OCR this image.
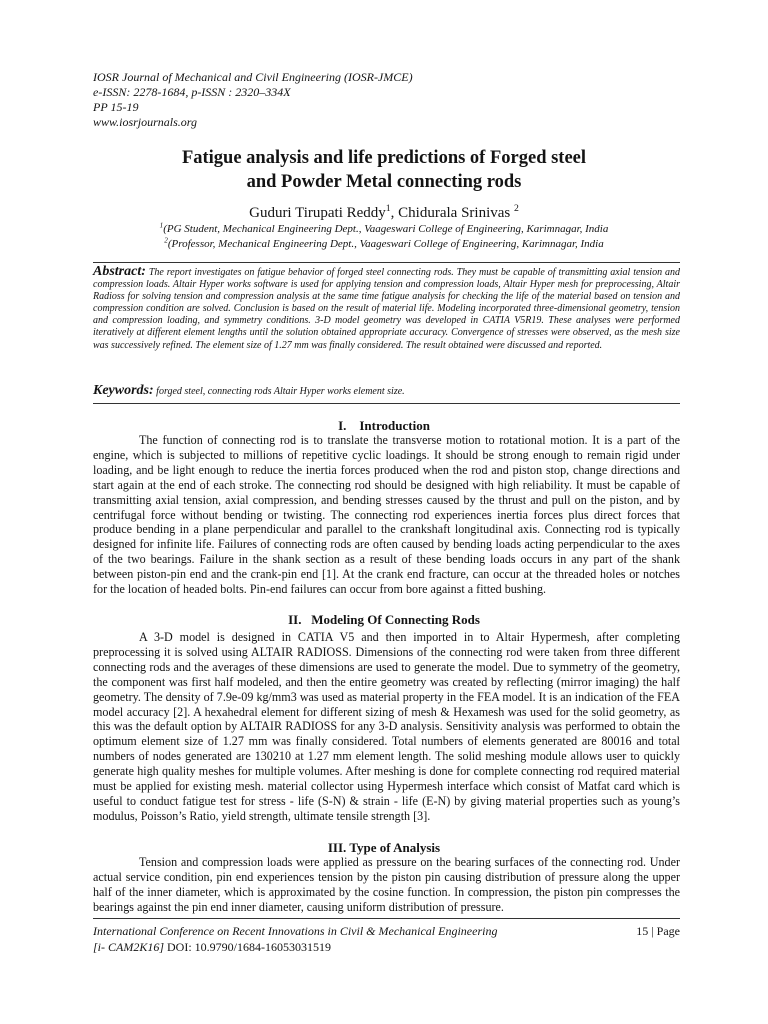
IOSR Journal of Mechanical and Civil Engineering (IOSR-JMCE)
e-ISSN: 2278-1684, p-ISSN : 2320–334X
PP 15-19
www.iosrjournals.org
Fatigue analysis and life predictions of Forged steel
and Powder Metal connecting rods
Guduri Tirupati Reddy$^1$, Chidurala Srinivas $^2$
$^1$(PG Student, Mechanical Engineering Dept., Vaageswari College of Engineering, Karimnagar, India
$^2$(Professor, Mechanical Engineering Dept., Vaageswari College of Engineering, Karimnagar, India
Abstract: The report investigates on fatigue behavior of forged steel connecting rods. They must be capable of transmitting axial tension and compression loads. Altair Hyper works software is used for applying tension and compression loads, Altair Hyper mesh for preprocessing, Altair Radioss for solving tension and compression analysis at the same time fatigue analysis for checking the life of the material based on tension and compression condition are solved. Conclusion is based on the result of material life. Modeling incorporated three-dimensional geometry, tension and compression loading, and symmetry conditions. 3-D model geometry was developed in CATIA V5R19. These analyses were performed iteratively at different element lengths until the solution obtained appropriate accuracy. Convergence of stresses were observed, as the mesh size was successively refined. The element size of 1.27 mm was finally considered. The result obtained were discussed and reported.
Keywords: forged steel, connecting rods Altair Hyper works element size.
I.    Introduction
The function of connecting rod is to translate the transverse motion to rotational motion. It is a part of the engine, which is subjected to millions of repetitive cyclic loadings. It should be strong enough to remain rigid under loading, and be light enough to reduce the inertia forces produced when the rod and piston stop, change directions and start again at the end of each stroke. The connecting rod should be designed with high reliability. It must be capable of transmitting axial tension, axial compression, and bending stresses caused by the thrust and pull on the piston, and by centrifugal force without bending or twisting. The connecting rod experiences inertia forces plus direct forces that produce bending in a plane perpendicular and parallel to the crankshaft longitudinal axis. Connecting rod is typically designed for infinite life. Failures of connecting rods are often caused by bending loads acting perpendicular to the axes of the two bearings. Failure in the shank section as a result of these bending loads occurs in any part of the shank between piston-pin end and the crank-pin end [1]. At the crank end fracture, can occur at the threaded holes or notches for the location of headed bolts. Pin-end failures can occur from bore against a fitted bushing.
II.   Modeling Of Connecting Rods
A 3-D model is designed in CATIA V5 and then imported in to Altair Hypermesh, after completing preprocessing it is solved using ALTAIR RADIOSS. Dimensions of the connecting rod were taken from three different connecting rods and the averages of these dimensions are used to generate the model. Due to symmetry of the geometry, the component was first half modeled, and then the entire geometry was created by reflecting (mirror imaging) the half geometry. The density of 7.9e-09 kg/mm3 was used as material property in the FEA model. It is an indication of the FEA model accuracy [2]. A hexahedral element for different sizing of mesh & Hexamesh was used for the solid geometry, as this was the default option by ALTAIR RADIOSS for any 3-D analysis. Sensitivity analysis was performed to obtain the optimum element size of 1.27 mm was finally considered. Total numbers of elements generated are 80016 and total numbers of nodes generated are 130210 at 1.27 mm element length. The solid meshing module allows user to quickly generate high quality meshes for multiple volumes. After meshing is done for complete connecting rod required material must be applied for existing mesh. material collector using Hypermesh interface which consist of Matfat card which is useful to conduct fatigue test for stress - life (S-N) & strain - life (E-N) by giving material properties such as young’s modulus, Poisson’s Ratio, yield strength, ultimate tensile strength [3].
III. Type of Analysis
Tension and compression loads were applied as pressure on the bearing surfaces of the connecting rod. Under actual service condition, pin end experiences tension by the piston pin causing distribution of pressure along the upper half of the inner diameter, which is approximated by the cosine function. In compression, the piston pin compresses the bearings against the pin end inner diameter, causing uniform distribution of pressure.
International Conference on Recent Innovations in Civil & Mechanical Engineering	15 | Page
[i- CAM2K16] DOI: 10.9790/1684-16053031519
